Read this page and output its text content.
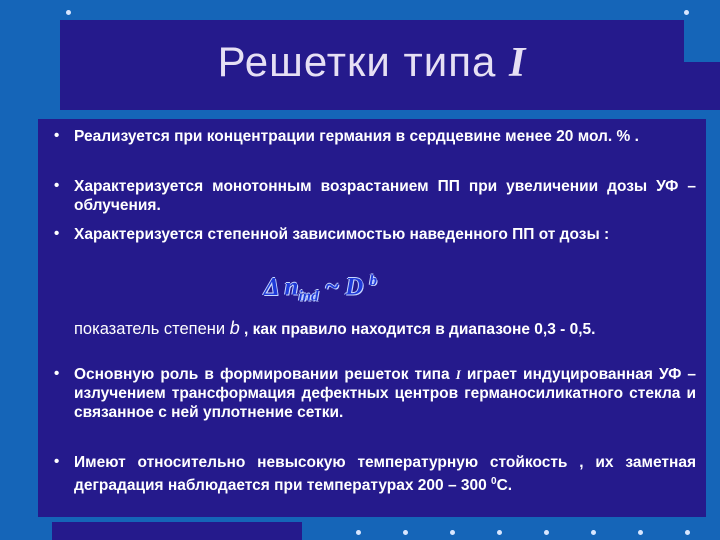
Решетки типа I
• Реализуется при концентрации германия в сердцевине менее 20 мол. % .
• Характеризуется монотонным возрастанием ПП при увеличении дозы УФ – облучения.
• Характеризуется степенной зависимостью наведенного ПП от дозы :
Δ $n_{ind}$ ~ D $^b$
показатель степени b , как правило находится в диапазоне 0,3 - 0,5.
• Основную роль в формировании решеток типа I играет индуцированная УФ – излучением трансформация дефектных центров германосиликатного стекла и связанное с ней уплотнение сетки.
• Имеют относительно невысокую температурную стойкость , их заметная деградация наблюдается при температурах 200 – 300 $^0$С.
